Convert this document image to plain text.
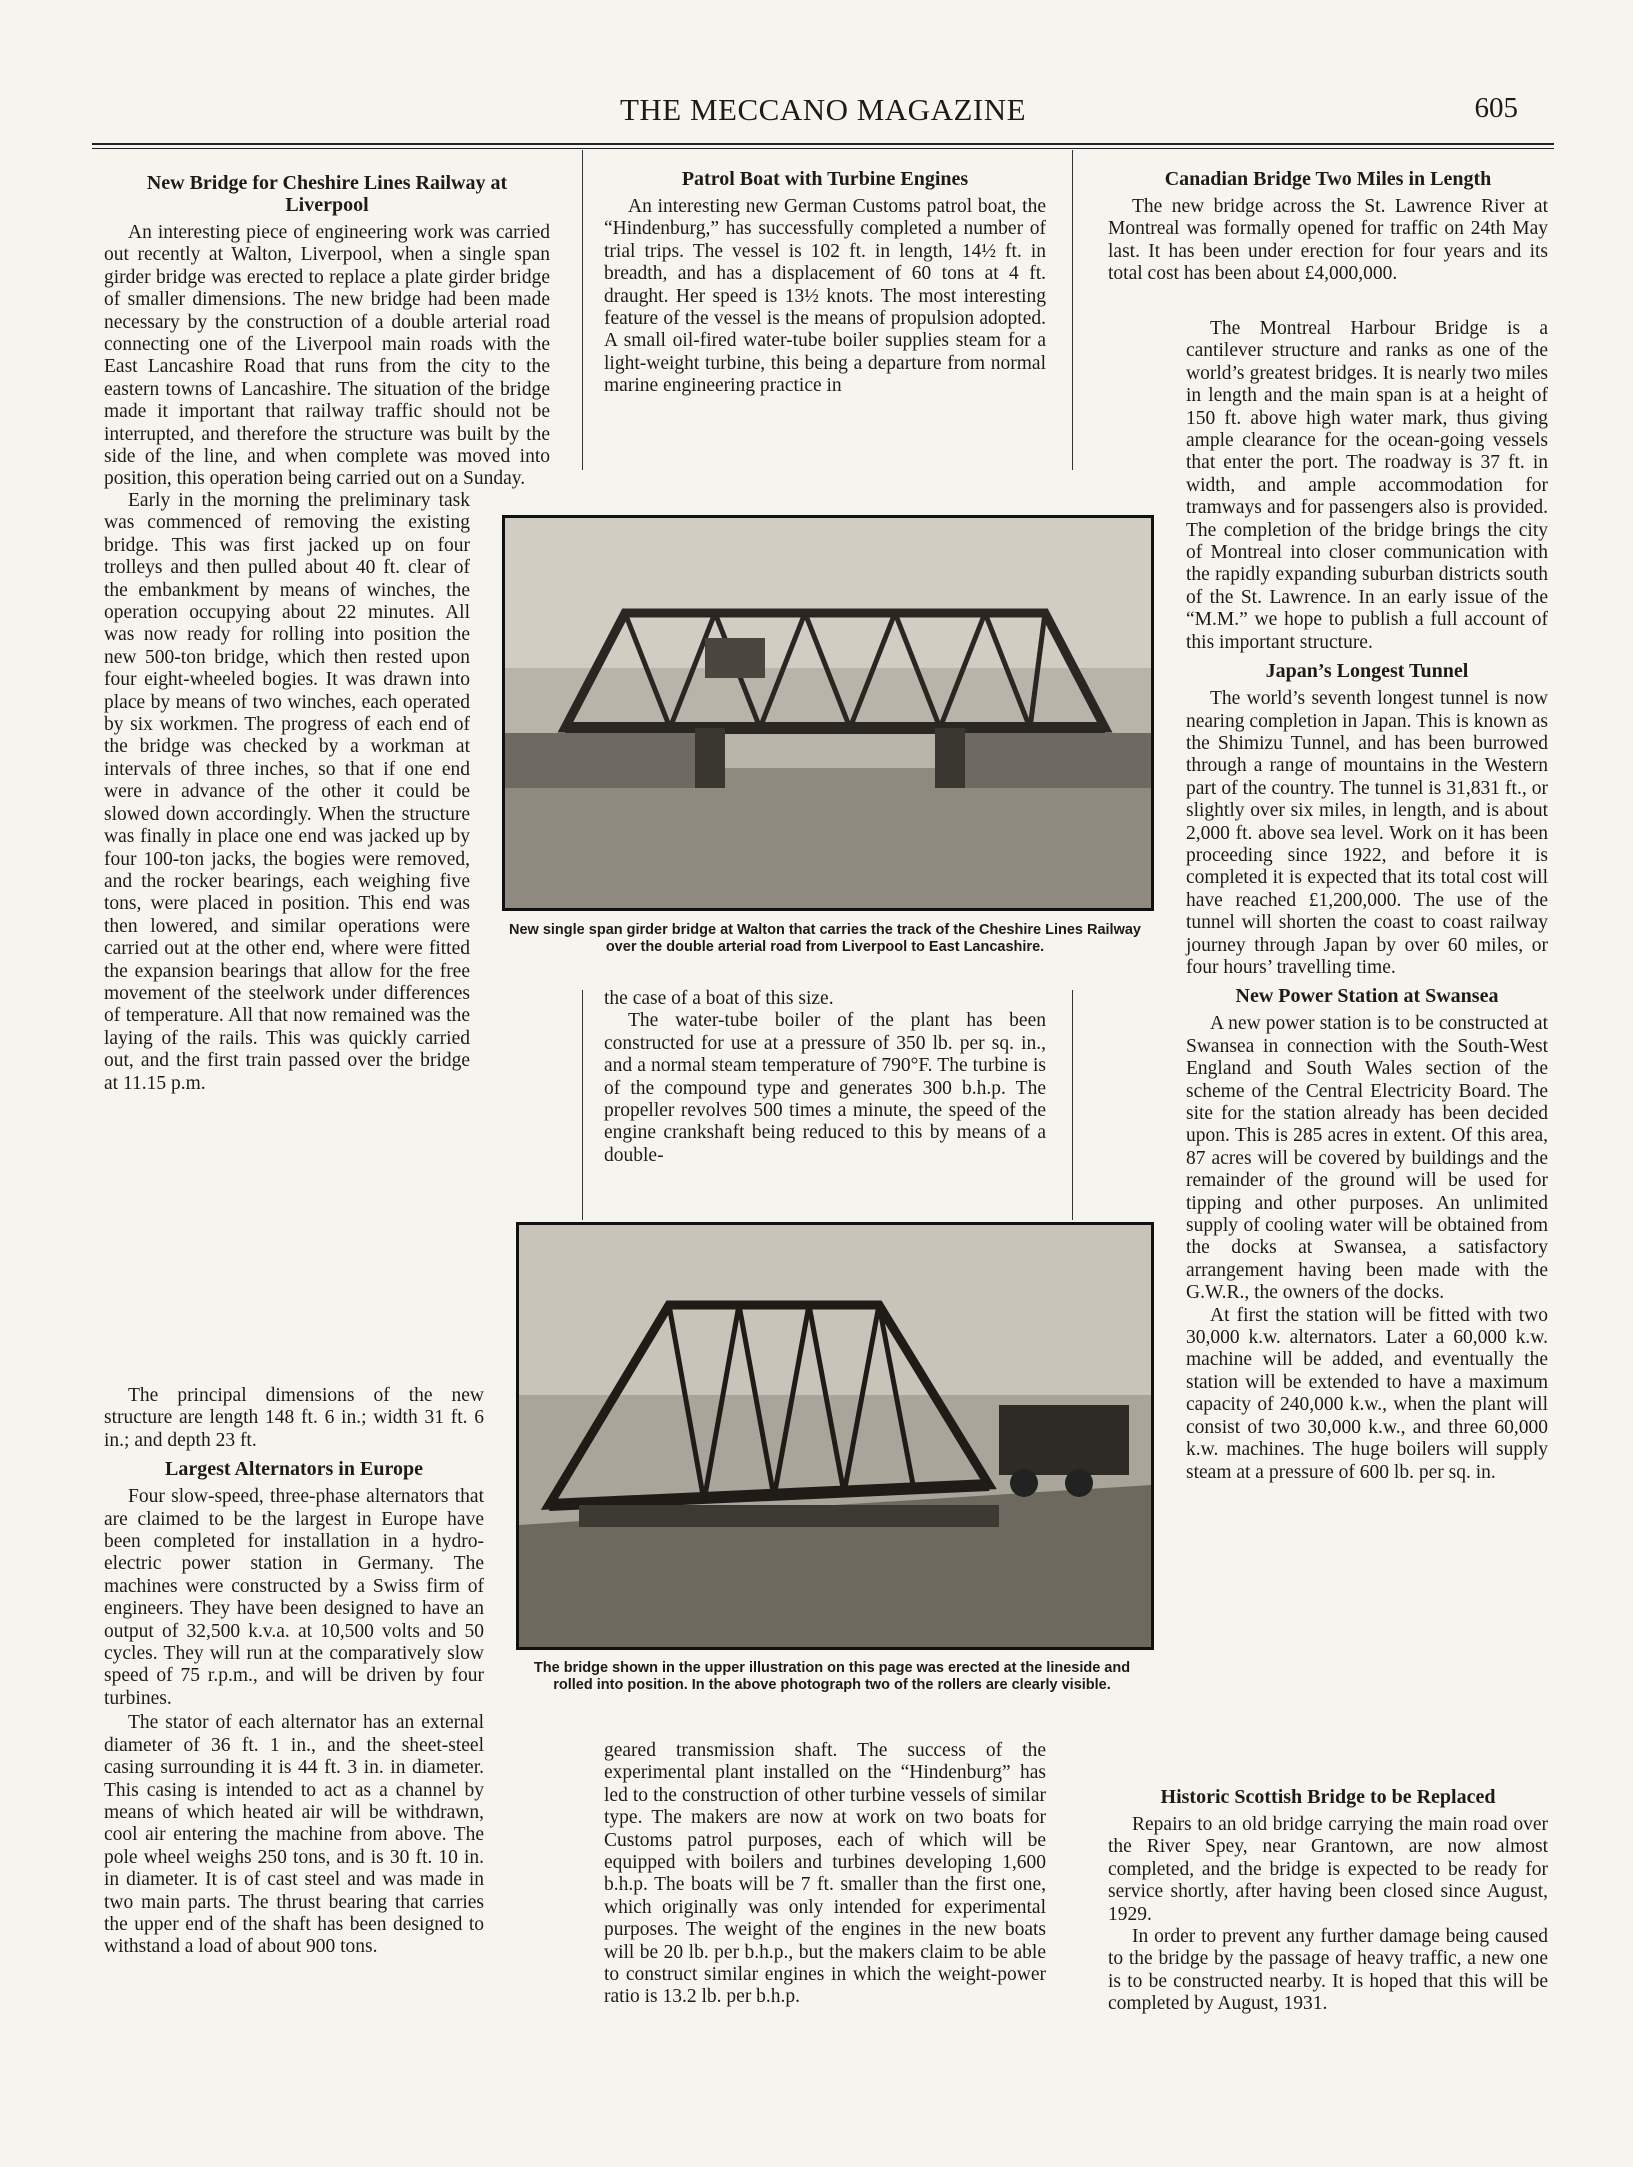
THE MECCANO MAGAZINE	605
New Bridge for Cheshire Lines Railway at Liverpool

An interesting piece of engineering work was carried out recently at Walton, Liverpool, when a single span girder bridge was erected to replace a plate girder bridge of smaller dimensions. The new bridge had been made necessary by the construction of a double arterial road connecting one of the Liverpool main roads with the East Lancashire Road that runs from the city to the eastern towns of Lancashire. The situation of the bridge made it important that railway traffic should not be interrupted, and therefore the structure was built by the side of the line, and when complete was moved into position, this operation being carried out on a Sunday.

Early in the morning the preliminary task was commenced of removing the existing bridge. This was first jacked up on four trolleys and then pulled about 40 ft. clear of the embankment by means of winches, the operation occupying about 22 minutes. All was now ready for rolling into position the new 500-ton bridge, which then rested upon four eight-wheeled bogies. It was drawn into place by means of two winches, each operated by six workmen. The progress of each end of the bridge was checked by a workman at intervals of three inches, so that if one end were in advance of the other it could be slowed down accordingly. When the structure was finally in place one end was jacked up by four 100-ton jacks, the bogies were removed, and the rocker bearings, each weighing five tons, were placed in position. This end was then lowered, and similar operations were carried out at the other end, where were fitted the expansion bearings that allow for the free movement of the steelwork under differences of temperature. All that now remained was the laying of the rails. This was quickly carried out, and the first train passed over the bridge at 11.15 p.m.

The principal dimensions of the new structure are length 148 ft. 6 in.; width 31 ft. 6 in.; and depth 23 ft.

Largest Alternators in Europe

Four slow-speed, three-phase alternators that are claimed to be the largest in Europe have been completed for installation in a hydro-electric power station in Germany. The machines were constructed by a Swiss firm of engineers. They have been designed to have an output of 32,500 k.v.a. at 10,500 volts and 50 cycles. They will run at the comparatively slow speed of 75 r.p.m., and will be driven by four turbines.

The stator of each alternator has an external diameter of 36 ft. 1 in., and the sheet-steel casing surrounding it is 44 ft. 3 in. in diameter. This casing is intended to act as a channel by means of which heated air will be withdrawn, cool air entering the machine from above. The pole wheel weighs 250 tons, and is 30 ft. 10 in. in diameter. It is of cast steel and was made in two main parts. The thrust bearing that carries the upper end of the shaft has been designed to withstand a load of about 900 tons.

Patrol Boat with Turbine Engines

An interesting new German Customs patrol boat, the “Hindenburg,” has successfully completed a number of trial trips. The vessel is 102 ft. in length, 14½ ft. in breadth, and has a displacement of 60 tons at 4 ft. draught. Her speed is 13½ knots. The most interesting feature of the vessel is the means of propulsion adopted. A small oil-fired water-tube boiler supplies steam for a light-weight turbine, this being a departure from normal marine engineering practice in

the case of a boat of this size.

The water-tube boiler of the plant has been constructed for use at a pressure of 350 lb. per sq. in., and a normal steam temperature of 790°F. The turbine is of the compound type and generates 300 b.h.p. The propeller revolves 500 times a minute, the speed of the engine crankshaft being reduced to this by means of a double-

geared transmission shaft. The success of the experimental plant installed on the “Hindenburg” has led to the construction of other turbine vessels of similar type. The makers are now at work on two boats for Customs patrol purposes, each of which will be equipped with boilers and turbines developing 1,600 b.h.p. The boats will be 7 ft. smaller than the first one, which originally was only intended for experimental purposes. The weight of the engines in the new boats will be 20 lb. per b.h.p., but the makers claim to be able to construct similar engines in which the weight-power ratio is 13.2 lb. per b.h.p.

Canadian Bridge Two Miles in Length

The new bridge across the St. Lawrence River at Montreal was formally opened for traffic on 24th May last. It has been under erection for four years and its total cost has been about £4,000,000.

The Montreal Harbour Bridge is a cantilever structure and ranks as one of the world’s greatest bridges. It is nearly two miles in length and the main span is at a height of 150 ft. above high water mark, thus giving ample clearance for the ocean-going vessels that enter the port. The roadway is 37 ft. in width, and ample accommodation for tramways and for passengers also is provided. The completion of the bridge brings the city of Montreal into closer communication with the rapidly expanding suburban districts south of the St. Lawrence. In an early issue of the “M.M.” we hope to publish a full account of this important structure.

Japan’s Longest Tunnel

The world’s seventh longest tunnel is now nearing completion in Japan. This is known as the Shimizu Tunnel, and has been burrowed through a range of mountains in the Western part of the country. The tunnel is 31,831 ft., or slightly over six miles, in length, and is about 2,000 ft. above sea level. Work on it has been proceeding since 1922, and before it is completed it is expected that its total cost will have reached £1,200,000. The use of the tunnel will shorten the coast to coast railway journey through Japan by over 60 miles, or four hours’ travelling time.

New Power Station at Swansea

A new power station is to be constructed at Swansea in connection with the South-West England and South Wales section of the scheme of the Central Electricity Board. The site for the station already has been decided upon. This is 285 acres in extent. Of this area, 87 acres will be covered by buildings and the remainder of the ground will be used for tipping and other purposes. An unlimited supply of cooling water will be obtained from the docks at Swansea, a satisfactory arrangement having been made with the G.W.R., the owners of the docks.

At first the station will be fitted with two 30,000 k.w. alternators. Later a 60,000 k.w. machine will be added, and eventually the station will be extended to have a maximum capacity of 240,000 k.w., when the plant will consist of two 30,000 k.w., and three 60,000 k.w. machines. The huge boilers will supply steam at a pressure of 600 lb. per sq. in.

Historic Scottish Bridge to be Replaced

Repairs to an old bridge carrying the main road over the River Spey, near Grantown, are now almost completed, and the bridge is expected to be ready for service shortly, after having been closed since August, 1929.

In order to prevent any further damage being caused to the bridge by the passage of heavy traffic, a new one is to be constructed nearby. It is hoped that this will be completed by August, 1931.

New single span girder bridge at Walton that carries the track of the Cheshire Lines Railway over the double arterial road from Liverpool to East Lancashire.
The bridge shown in the upper illustration on this page was erected at the lineside and rolled into position. In the above photograph two of the rollers are clearly visible.
